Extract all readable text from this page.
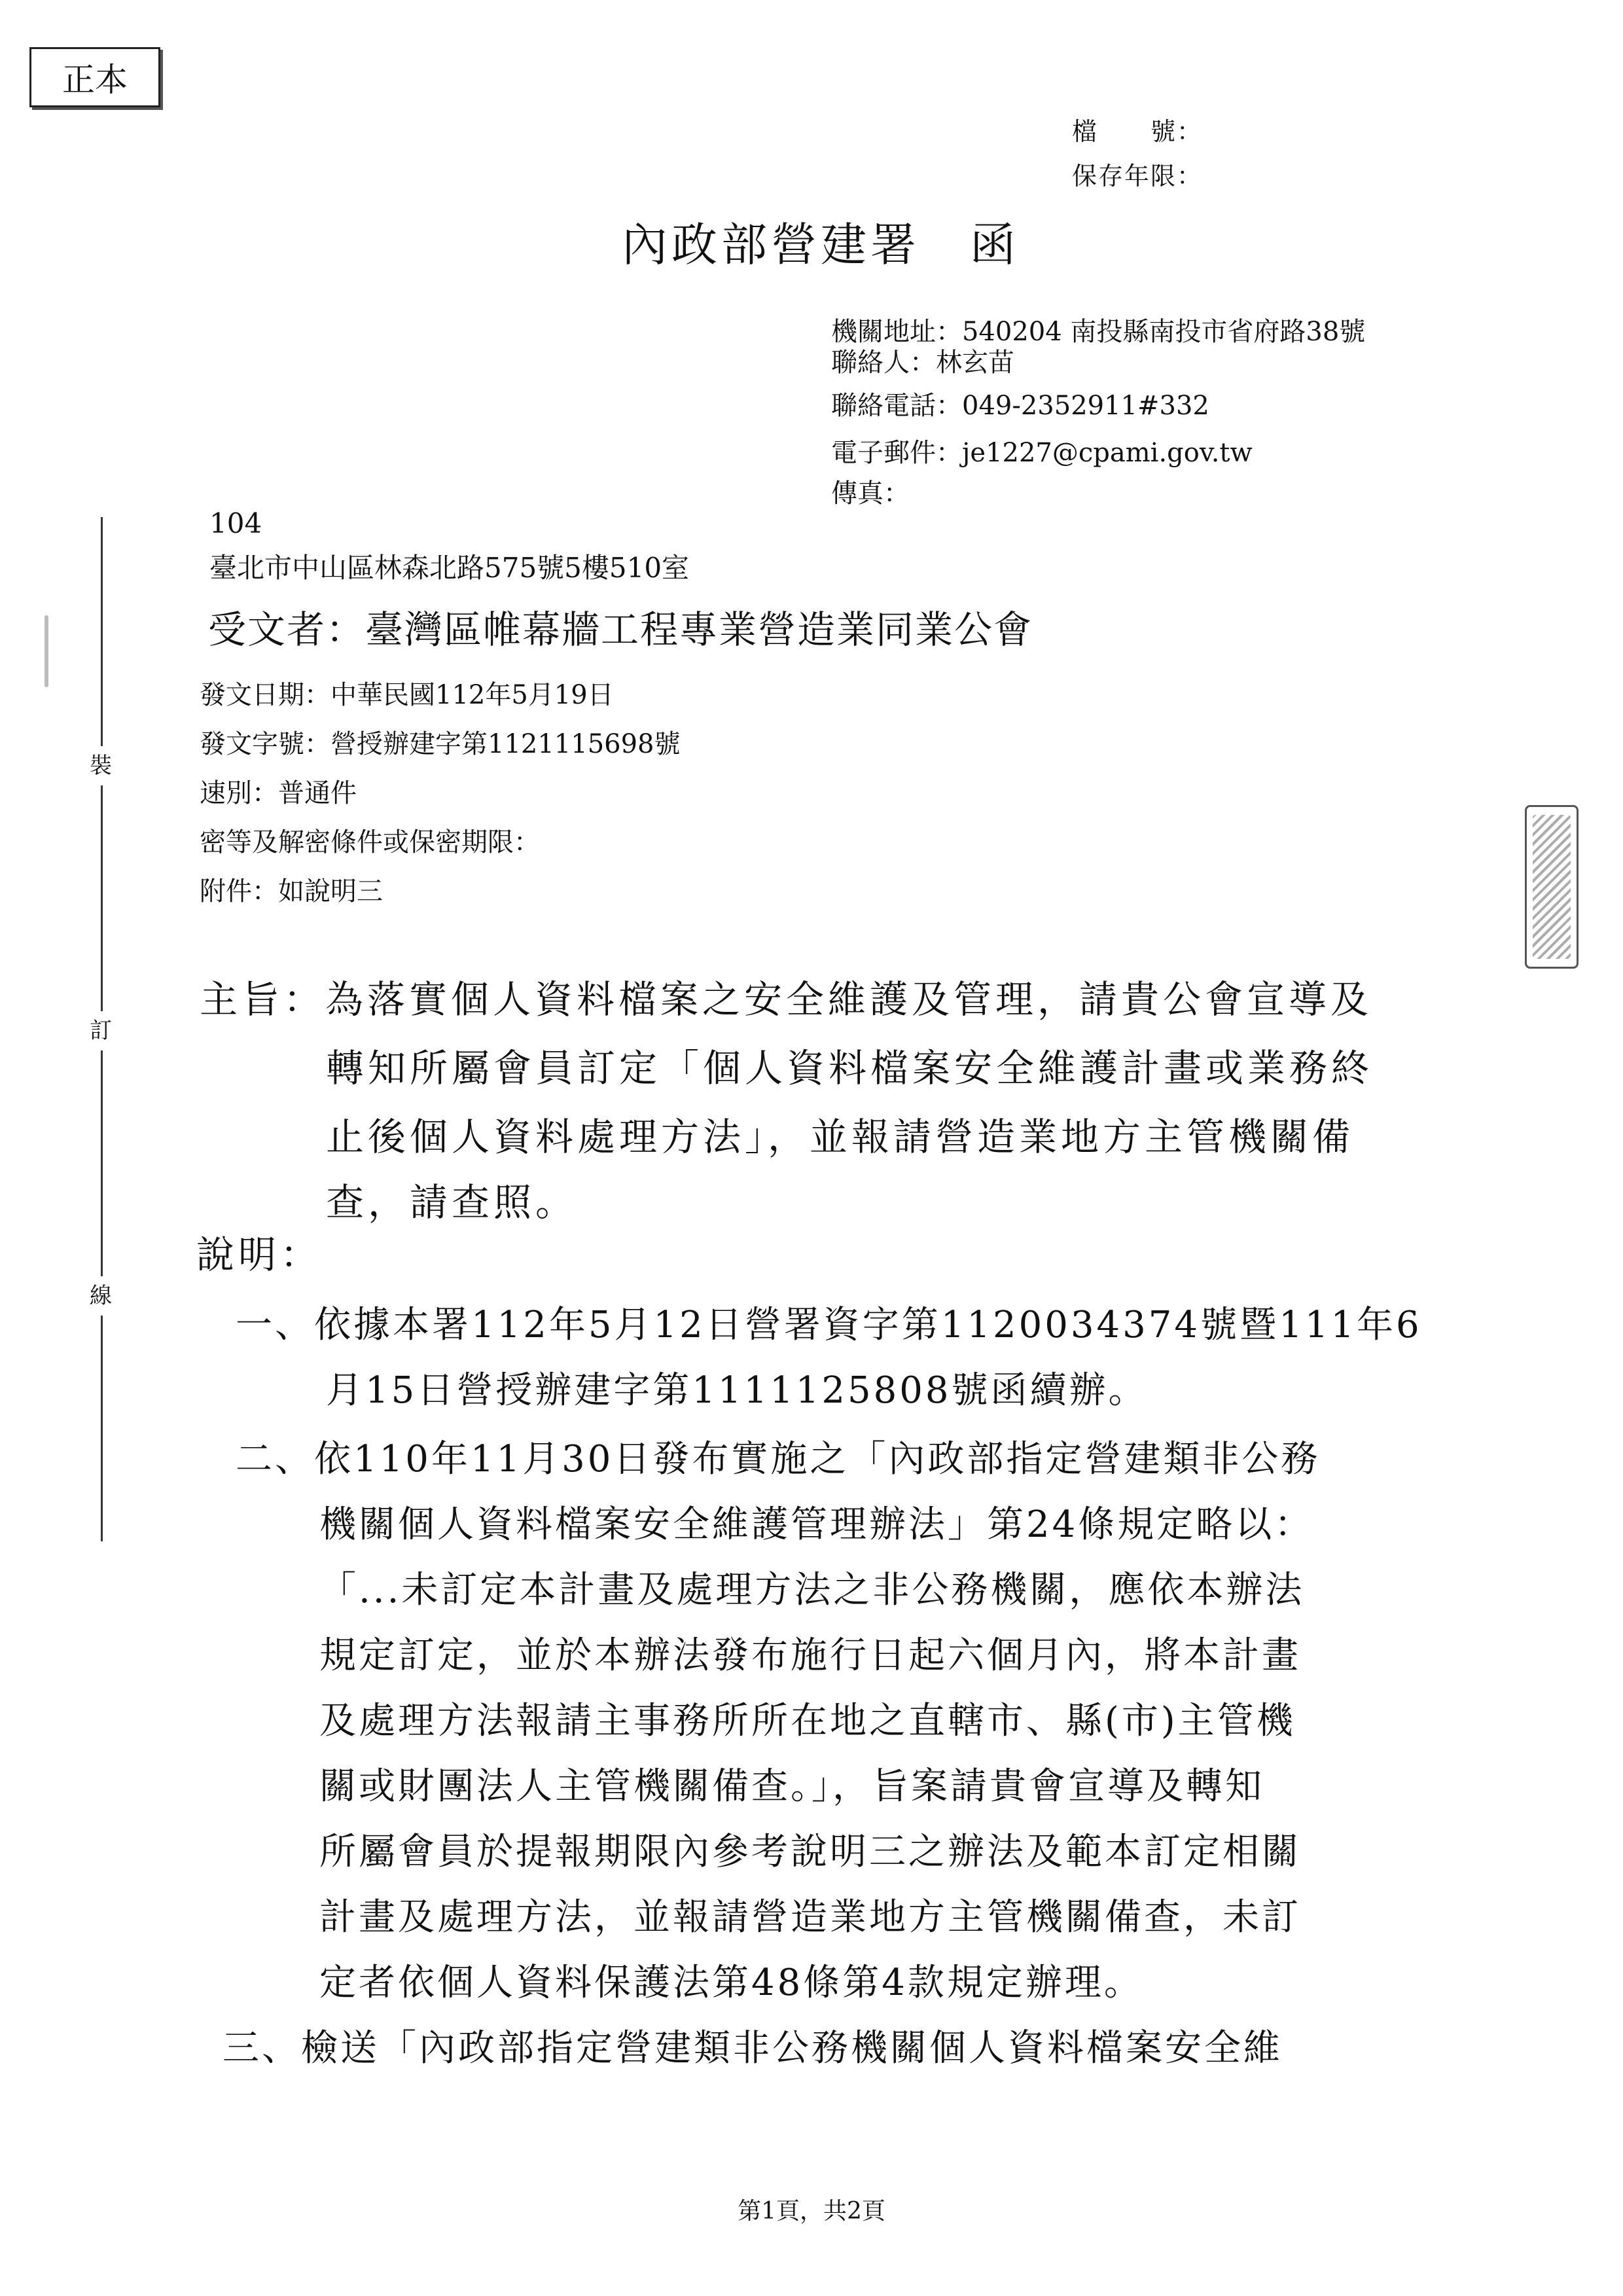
正本
檔　　號：
保存年限：
內政部營建署　函
機關地址：540204 南投縣南投市省府路38號
聯絡人：林玄苗
聯絡電話：049-2352911#332
電子郵件：je1227@cpami.gov.tw
傳真：
裝
訂
線
104
臺北市中山區林森北路575號5樓510室
受文者：臺灣區帷幕牆工程專業營造業同業公會
發文日期：中華民國112年5月19日
發文字號：營授辦建字第1121115698號
速別：普通件
密等及解密條件或保密期限：
附件：如說明三
主旨：為落實個人資料檔案之安全維護及管理，請貴公會宣導及
轉知所屬會員訂定「個人資料檔案安全維護計畫或業務終
止後個人資料處理方法」，並報請營造業地方主管機關備
查，請查照。
說明：
一、依據本署112年5月12日營署資字第1120034374號暨111年6
月15日營授辦建字第1111125808號函續辦。
二、依110年11月30日發布實施之「內政部指定營建類非公務
機關個人資料檔案安全維護管理辦法」第24條規定略以：
「...未訂定本計畫及處理方法之非公務機關，應依本辦法
規定訂定，並於本辦法發布施行日起六個月內，將本計畫
及處理方法報請主事務所所在地之直轄市、縣(市)主管機
關或財團法人主管機關備查。」，旨案請貴會宣導及轉知
所屬會員於提報期限內參考說明三之辦法及範本訂定相關
計畫及處理方法，並報請營造業地方主管機關備查，未訂
定者依個人資料保護法第48條第4款規定辦理。
三、檢送「內政部指定營建類非公務機關個人資料檔案安全維
第1頁，共2頁
